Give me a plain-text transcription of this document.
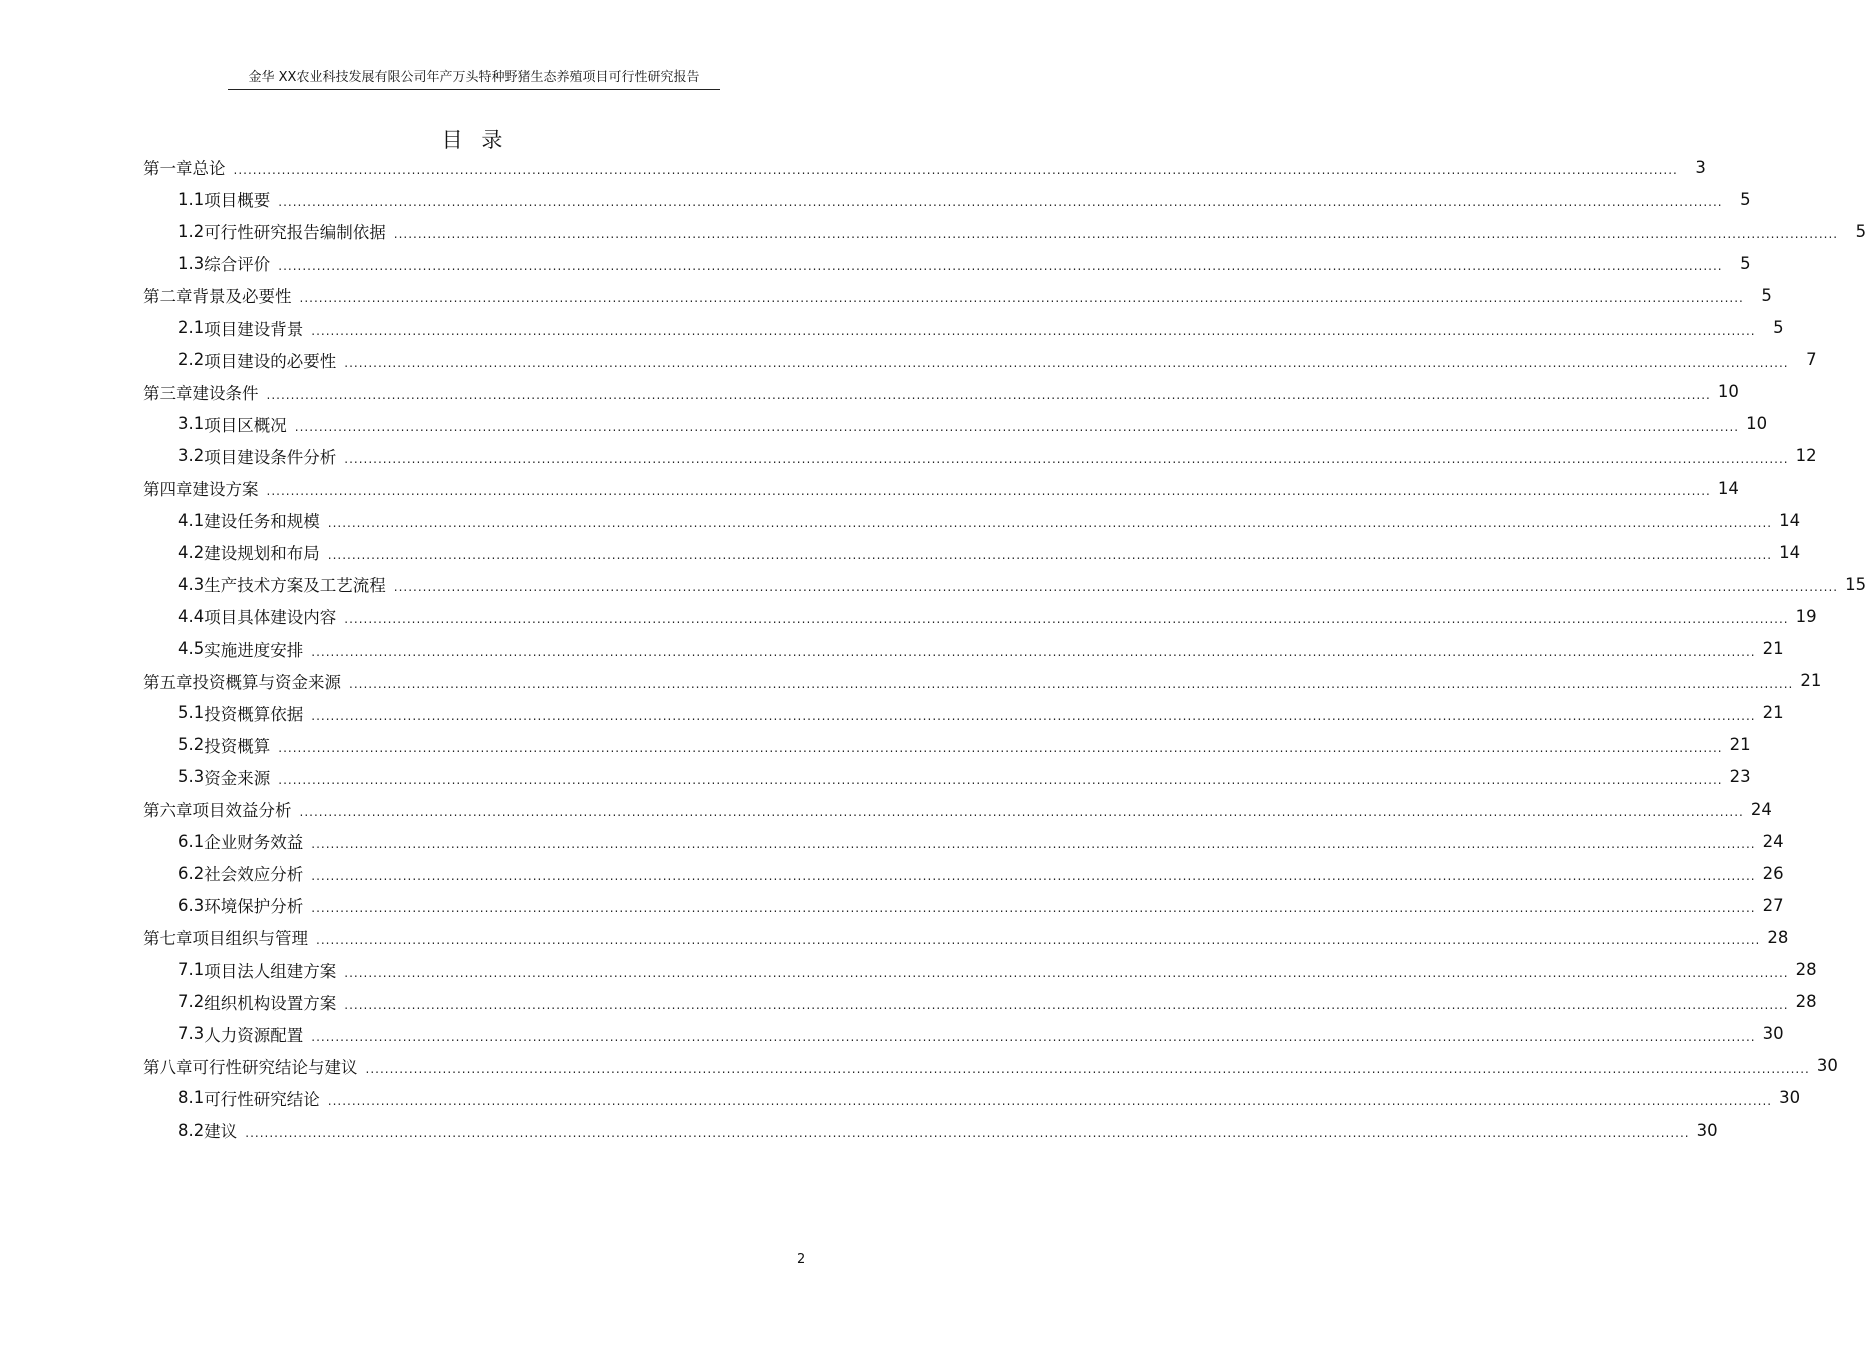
金华 XX农业科技发展有限公司年产万头特种野猪生态养殖项目可行性研究报告
目 录
第一章 总论 ............................................................................................................................................................................................................................................................................................................	3
1.1 项目概要 ............................................................................................................................................................................................................................................................................................................	5
1.2 可行性研究报告编制依据 ............................................................................................................................................................................................................................................................................................................	5
1.3 综合评价 ............................................................................................................................................................................................................................................................................................................	5
第二章 背景及必要性 ............................................................................................................................................................................................................................................................................................................	5
2.1 项目建设背景 ............................................................................................................................................................................................................................................................................................................	5
2.2 项目建设的必要性 ............................................................................................................................................................................................................................................................................................................	7
第三章 建设条件 ............................................................................................................................................................................................................................................................................................................ 10
3.1 项目区概况 ............................................................................................................................................................................................................................................................................................................ 10
3.2 项目建设条件分析 ............................................................................................................................................................................................................................................................................................................ 12
第四章 建设方案 ............................................................................................................................................................................................................................................................................................................ 14
4.1 建设任务和规模 ............................................................................................................................................................................................................................................................................................................ 14
4.2 建设规划和布局 ............................................................................................................................................................................................................................................................................................................ 14
4.3 生产技术方案及工艺流程 ............................................................................................................................................................................................................................................................................................................ 15
4.4 项目具体建设内容 ............................................................................................................................................................................................................................................................................................................ 19
4.5 实施进度安排 ............................................................................................................................................................................................................................................................................................................ 21
第五章 投资概算与资金来源 ............................................................................................................................................................................................................................................................................................................ 21
5.1 投资概算依据 ............................................................................................................................................................................................................................................................................................................ 21
5.2 投资概算 ............................................................................................................................................................................................................................................................................................................ 21
5.3 资金来源 ............................................................................................................................................................................................................................................................................................................ 23
第六章 项目效益分析 ............................................................................................................................................................................................................................................................................................................ 24
6.1 企业财务效益 ............................................................................................................................................................................................................................................................................................................ 24
6.2 社会效应分析 ............................................................................................................................................................................................................................................................................................................ 26
6.3 环境保护分析 ............................................................................................................................................................................................................................................................................................................ 27
第七章 项目组织与管理 ............................................................................................................................................................................................................................................................................................................ 28
7.1 项目法人组建方案 ............................................................................................................................................................................................................................................................................................................ 28
7.2 组织机构设置方案 ............................................................................................................................................................................................................................................................................................................ 28
7.3 人力资源配置 ............................................................................................................................................................................................................................................................................................................ 30
第八章 可行性研究结论与建议 ............................................................................................................................................................................................................................................................................................................ 30
8.1 可行性研究结论 ............................................................................................................................................................................................................................................................................................................ 30
8.2 建议 ............................................................................................................................................................................................................................................................................................................ 30
2
